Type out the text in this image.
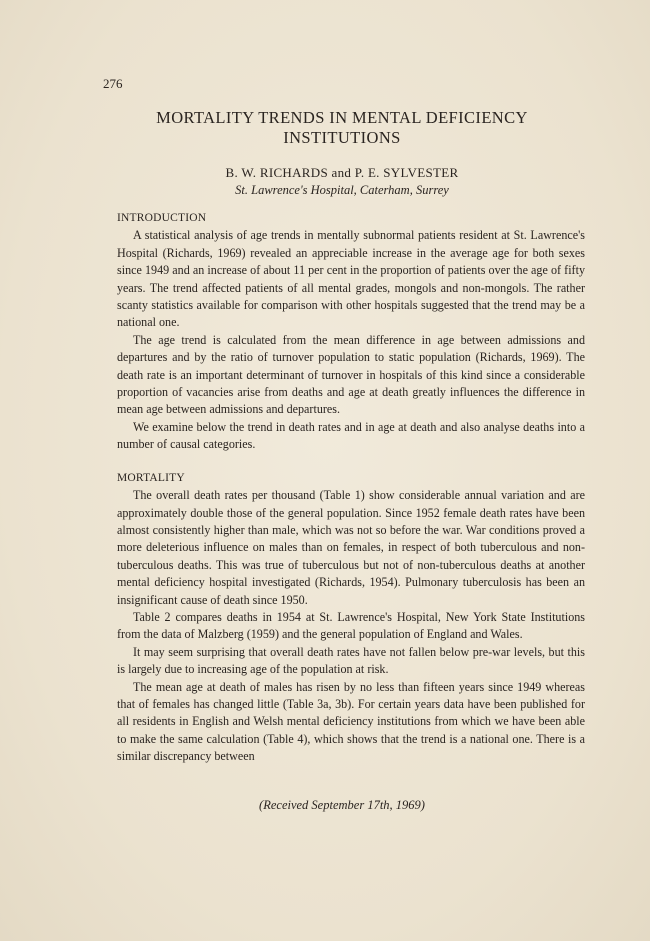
276
MORTALITY TRENDS IN MENTAL DEFICIENCY INSTITUTIONS
B. W. RICHARDS and P. E. SYLVESTER
St. Lawrence's Hospital, Caterham, Surrey

INTRODUCTION

A statistical analysis of age trends in mentally subnormal patients resident at St. Lawrence's Hospital (Richards, 1969) revealed an appreciable increase in the average age for both sexes since 1949 and an increase of about 11 per cent in the proportion of patients over the age of fifty years. The trend affected patients of all mental grades, mongols and non-mongols. The rather scanty statistics available for comparison with other hospitals suggested that the trend may be a national one.

The age trend is calculated from the mean difference in age between admissions and departures and by the ratio of turnover population to static population (Richards, 1969). The death rate is an important determinant of turnover in hospitals of this kind since a considerable proportion of vacancies arise from deaths and age at death greatly influences the difference in mean age between admissions and departures.

We examine below the trend in death rates and in age at death and also analyse deaths into a number of causal categories.

MORTALITY

The overall death rates per thousand (Table 1) show considerable annual variation and are approximately double those of the general population. Since 1952 female death rates have been almost consistently higher than male, which was not so before the war. War conditions proved a more deleterious influence on males than on females, in respect of both tuberculous and non-tuberculous deaths. This was true of tuberculous but not of non-tuberculous deaths at another mental deficiency hospital investigated (Richards, 1954). Pulmonary tuberculosis has been an insignificant cause of death since 1950.

Table 2 compares deaths in 1954 at St. Lawrence's Hospital, New York State Institutions from the data of Malzberg (1959) and the general population of England and Wales.

It may seem surprising that overall death rates have not fallen below pre-war levels, but this is largely due to increasing age of the population at risk.

The mean age at death of males has risen by no less than fifteen years since 1949 whereas that of females has changed little (Table 3a, 3b). For certain years data have been published for all residents in English and Welsh mental deficiency institutions from which we have been able to make the same calculation (Table 4), which shows that the trend is a national one. There is a similar discrepancy between

(Received September 17th, 1969)
